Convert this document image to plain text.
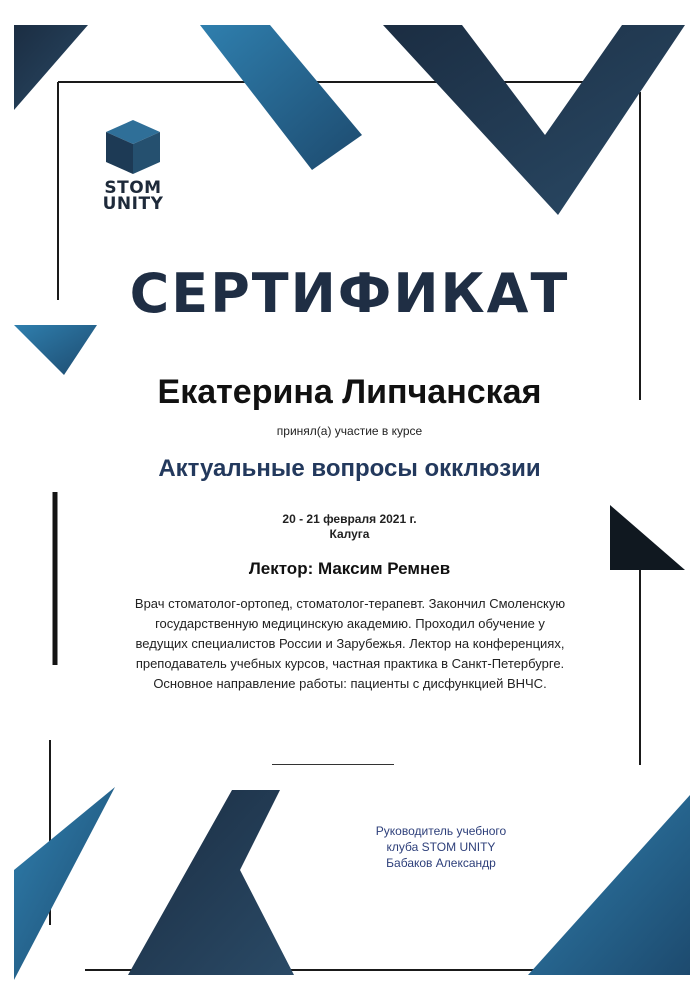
STOM
UNITY
СЕРТИФИКАТ
Екатерина Липчанская
принял(а) участие в курсе
Актуальные вопросы окклюзии
20 - 21 февраля 2021 г.
Калуга
Лектор: Максим Ремнев
Врач стоматолог-ортопед, стоматолог-терапевт. Закончил Смоленскую
государственную медицинскую академию. Проходил обучение у
ведущих специалистов России и Зарубежья. Лектор на конференциях,
преподаватель учебных курсов, частная практика в Санкт-Петербурге.
Основное направление работы: пациенты с дисфункцией ВНЧС.
Руководитель учебного
клуба STOM UNITY
Бабаков Александр
